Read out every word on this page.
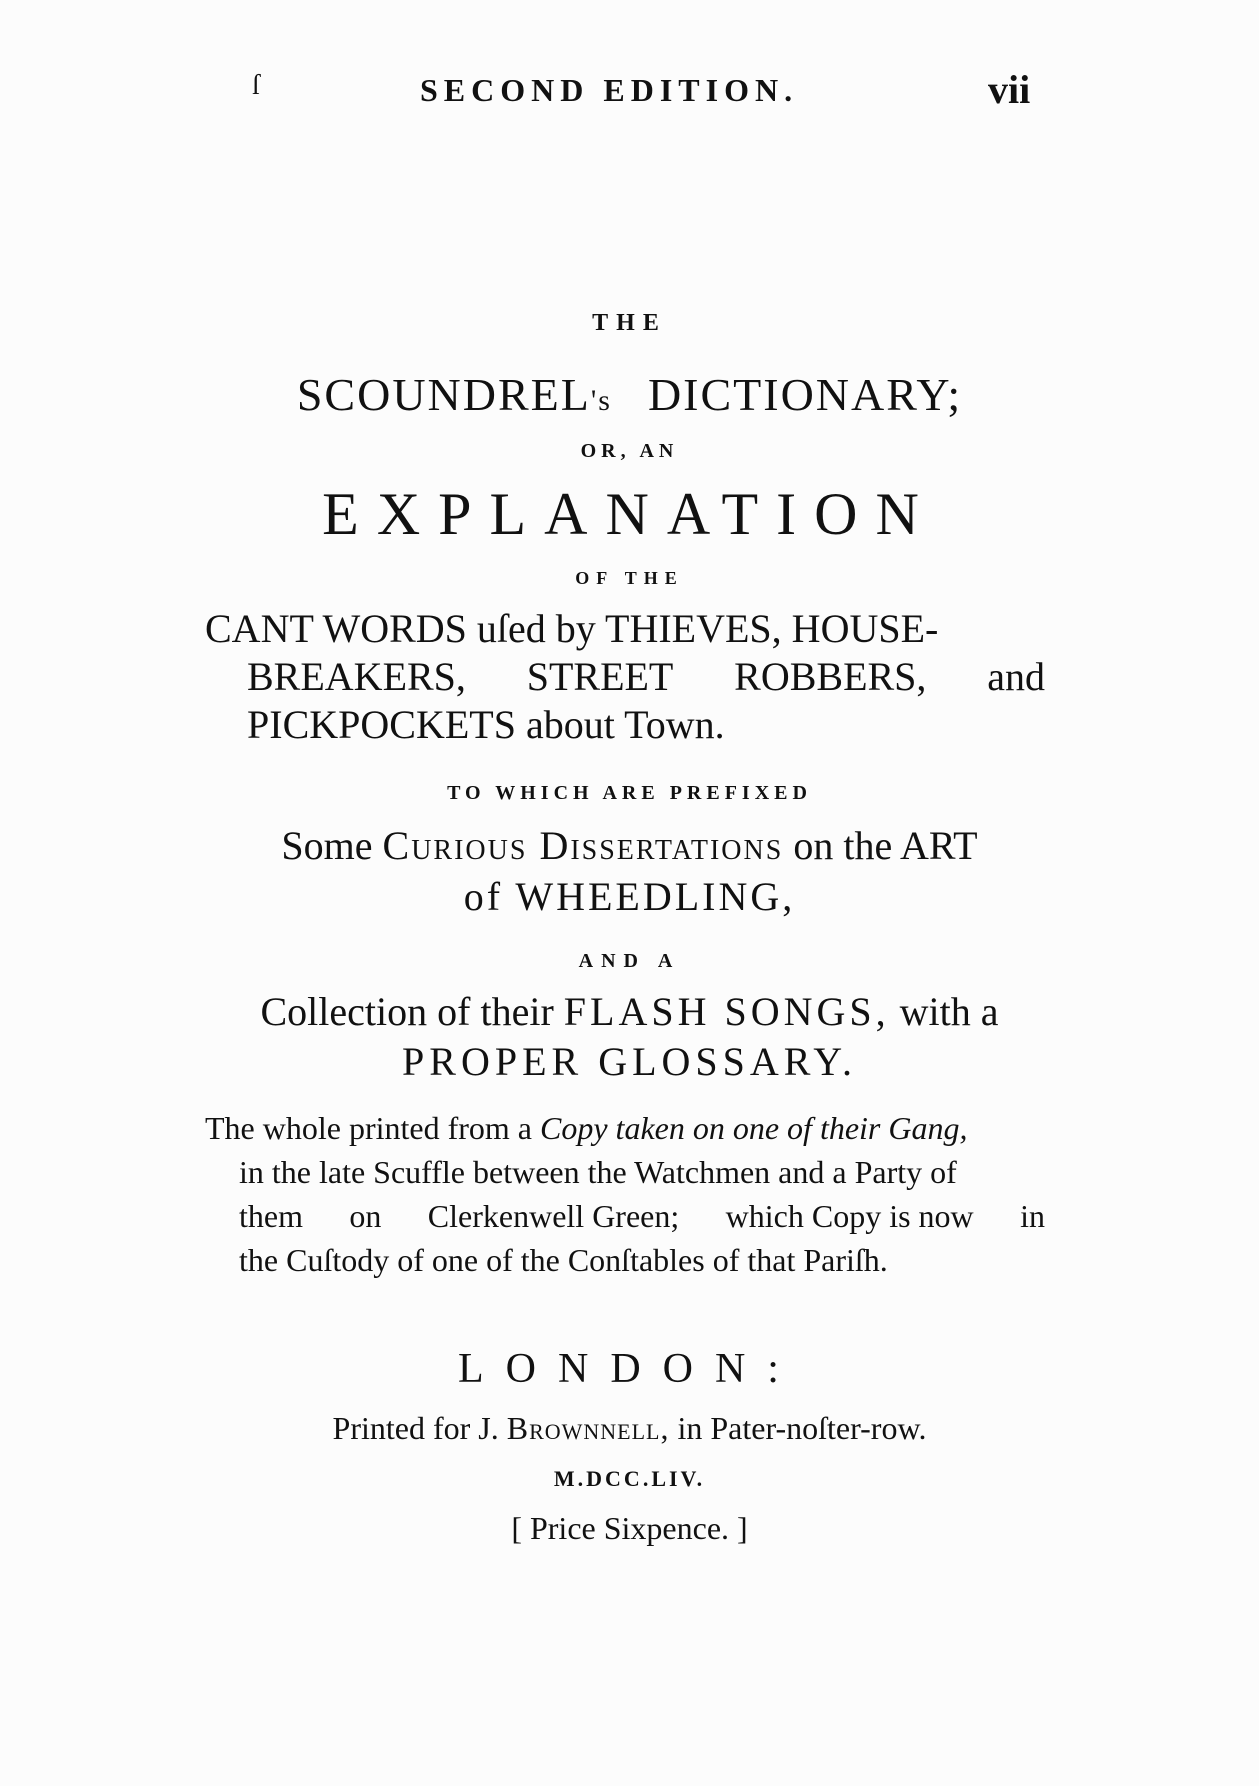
ſ	SECOND EDITION.	vii
THE
SCOUNDREL's DICTIONARY;
OR, AN
EXPLANATION
OF THE
CANT WORDS uſed by THIEVES, HOUSE-
BREAKERS, STREET ROBBERS, and
PICKPOCKETS about Town.
TO WHICH ARE PREFIXED
Some Curious Dissertations on the ART
of WHEEDLING,
AND A
Collection of their FLASH SONGS, with a
PROPER GLOSSARY.
The whole printed from a Copy taken on one of their Gang,
in the late Scuffle between the Watchmen and a Party of
them on Clerkenwell Green; which Copy is now in
the Cuſtody of one of the Conſtables of that Pariſh.
LONDON:
Printed for J. Brownnell, in Pater-noſter-row.
M.DCC.LIV.
[ Price Sixpence. ]
